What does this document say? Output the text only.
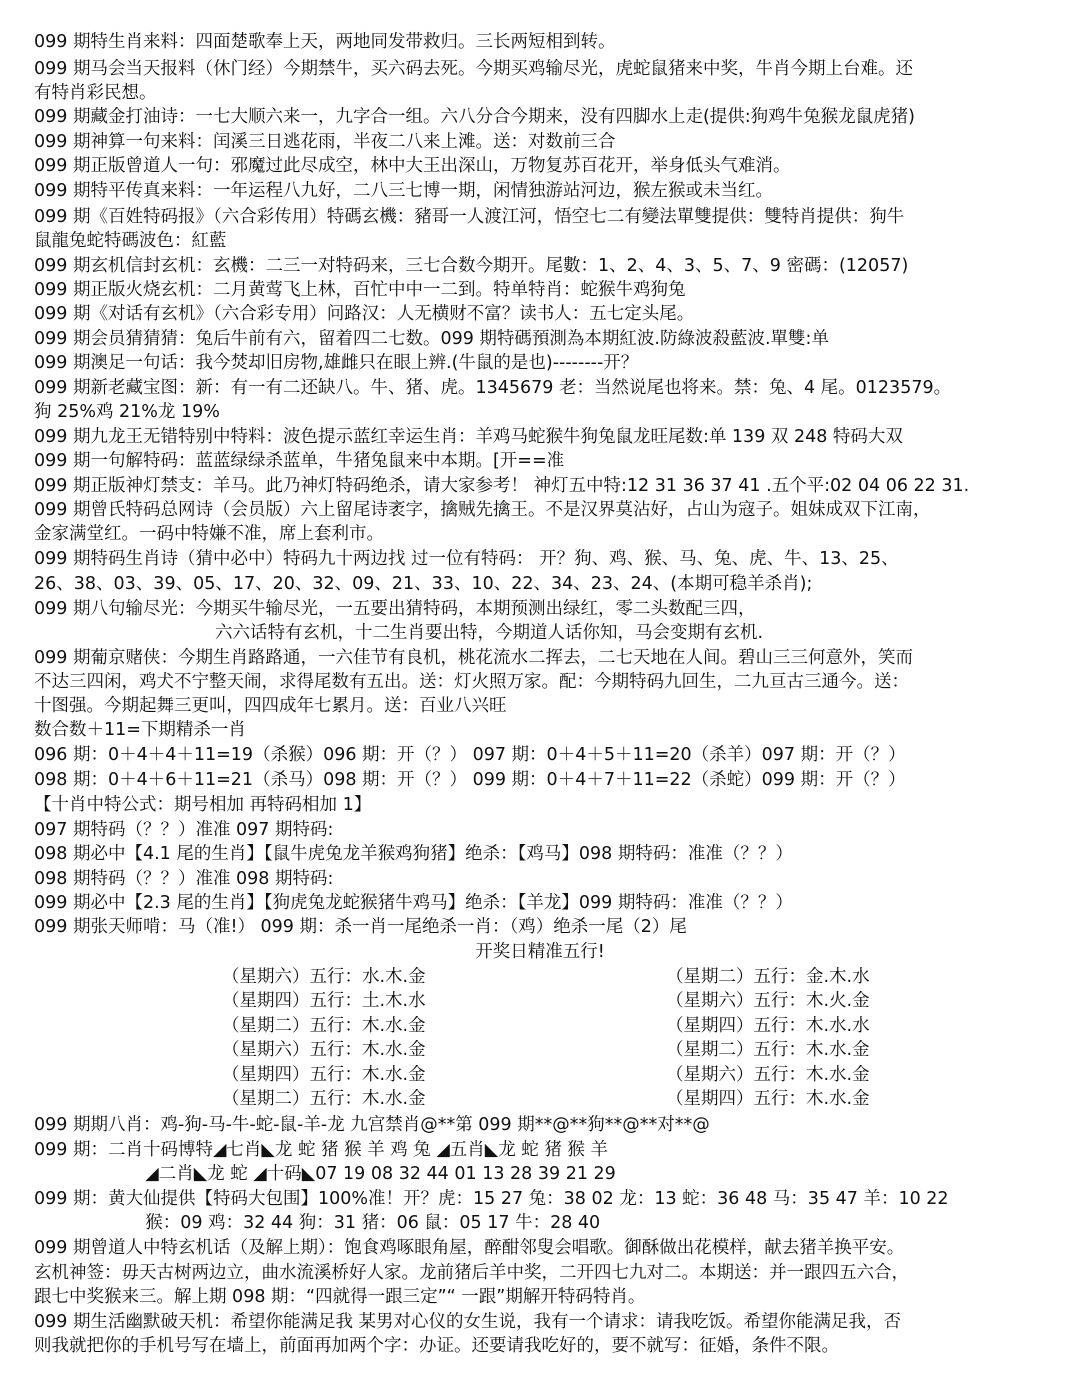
099 期特生肖来料：四面楚歌奉上天，两地同发带救归。三长两短相到转。
099 期马会当天报料（休门经）今期禁牛，买六码去死。今期买鸡输尽光，虎蛇鼠猪来中奖，牛肖今期上台难。还
有特肖彩民想。
099 期藏金打油诗：一七大顺六来一，九字合一组。六八分合今期来，没有四脚水上走(提供:狗鸡牛兔猴龙鼠虎猪)
099 期神算一句来料：闰溪三日逃花雨，半夜二八来上滩。送：对数前三合
099 期正版曾道人一句：邪魔过此尽成空，林中大王出深山，万物复苏百花开，举身低头气难消。
099 期特平传真来料：一年运程八九好，二八三七博一期，闲情独游站河边，猴左猴或未当红。
099 期《百姓特码报》（六合彩传用）特碼玄機：豬哥一人渡江河，悟空七二有變法單雙提供：雙特肖提供：狗牛
鼠龍兔蛇特碼波色：紅藍
099 期玄机信封玄机：玄機：二三一对特码来，三七合数今期开。尾數：1、2、4、3、5、7、9 密碼：(12057)
099 期正版火烧玄机：二月黄莺飞上林，百忙中中一二到。特单特肖：蛇猴牛鸡狗兔
099 期《对话有玄机》（六合彩专用）问路汉：人无横财不富？读书人：五七定头尾。
099 期会员猜猜猜：兔后牛前有六，留着四二七数。099 期特碼預測為本期紅波.防綠波殺藍波.單雙:单
099 期澳足一句话：我今焚却旧房物,雄雌只在眼上辨.(牛鼠的是也)--------开？
099 期新老藏宝图：新：有一有二还缺八。牛、猪、虎。1345679 老：当然说尾也将来。禁：兔、4 尾。0123579。
狗 25%鸡 21%龙 19%
099 期九龙王无错特别中特料：波色提示蓝红幸运生肖：羊鸡马蛇猴牛狗兔鼠龙旺尾数:单 139 双 248 特码大双
099 期一句解特码：蓝蓝绿绿杀蓝单，牛猪兔鼠来中本期。[开==准
099 期正版神灯禁支：羊马。此乃神灯特码绝杀，请大家参考！ 神灯五中特:12 31 36 37 41 .五个平:02 04 06 22 31.
099 期曾氏特码总网诗（会员版）六上留尾诗袤字，擒贼先擒王。不是汉界莫沾好，占山为寇子。姐妹成双下江南，
金家满堂红。一码中特嫌不准，席上套利市。
099 期特码生肖诗（猜中必中）特码九十两边找 过一位有特码： 开？狗、鸡、猴、马、兔、虎、牛、13、25、
26、38、03、39、05、17、20、32、09、21、33、10、22、34、23、24、(本期可稳羊杀肖);
099 期八句输尽光：今期买牛输尽光，一五要出猜特码，本期预测出绿红，零二头数配三四，
六六话特有玄机，十二生肖要出特，今期道人话你知，马会变期有玄机.
099 期葡京赌侠：今期生肖路路通，一六佳节有良机，桃花流水二挥去，二七天地在人间。碧山三三何意外，笑而
不达三四闲，鸡犬不宁整天闹，求得尾数有五出。送：灯火照万家。配：今期特码九回生，二九亘古三通今。送：
十图强。今期起舞三更叫，四四成年七累月。送：百业八兴旺
数合数＋11=下期精杀一肖
096 期：0＋4＋4＋11=19（杀猴）096 期：开（？） 097 期：0＋4＋5＋11=20（杀羊）097 期：开（？）
098 期：0＋4＋6＋11=21（杀马）098 期：开（？） 099 期：0＋4＋7＋11=22（杀蛇）099 期：开（？）
【十肖中特公式：期号相加 再特码相加 1】
097 期特码（？？）准准 097 期特码:
098 期必中【4.1 尾的生肖】【鼠牛虎兔龙羊猴鸡狗猪】绝杀：【鸡马】098 期特码：准准（？？）
098 期特码（？？）准准 098 期特码:
099 期必中【2.3 尾的生肖】【狗虎兔龙蛇猴猪牛鸡马】绝杀：【羊龙】099 期特码：准准（？？）
099 期张天师啃：马（准!） 099 期：杀一肖一尾绝杀一肖：（鸡）绝杀一尾（2）尾
开奖日精准五行!
（星期六）五行：水.木.金	（星期二）五行：金.木.水
（星期四）五行：土.木.水	（星期六）五行：木.火.金
（星期二）五行：木.水.金	（星期四）五行：木.水.水
（星期六）五行：木.水.金	（星期二）五行：木.水.金
（星期四）五行：木.水.金	（星期六）五行：木.水.金
（星期二）五行：木.水.金	（星期四）五行：木.水.金
099 期期八肖：鸡-狗-马-牛-蛇-鼠-羊-龙 九宫禁肖@**第 099 期**@**狗**@**对**@
099 期：二肖十码博特◢七肖◣龙 蛇 猪 猴 羊 鸡 兔 ◢五肖◣龙 蛇 猪 猴 羊
◢二肖◣龙 蛇 ◢十码◣07 19 08 32 44 01 13 28 39 21 29
099 期：黄大仙提供【特码大包围】100%准！开？虎：15 27 兔：38 02 龙：13 蛇：36 48 马：35 47 羊：10 22
猴：09 鸡：32 44 狗：31 猪：06 鼠：05 17 牛：28 40
099 期曾道人中特玄机话（及解上期）：饱食鸡啄眼角屋，醉酣邻叟会唱歌。御酥做出花模样，献去猪羊换平安。
玄机神签：毋天古树两边立，曲水流溪桥好人家。龙前猪后羊中奖，二开四七九对二。本期送：并一跟四五六合，
跟七中奖猴来三。解上期 098 期：“四就得一跟三定”“ 一跟”期解开特码特肖。
099 期生活幽默破天机：希望你能满足我 某男对心仪的女生说，我有一个请求：请我吃饭。希望你能满足我，否
则我就把你的手机号写在墙上，前面再加两个字：办证。还要请我吃好的，要不就写：征婚，条件不限。
